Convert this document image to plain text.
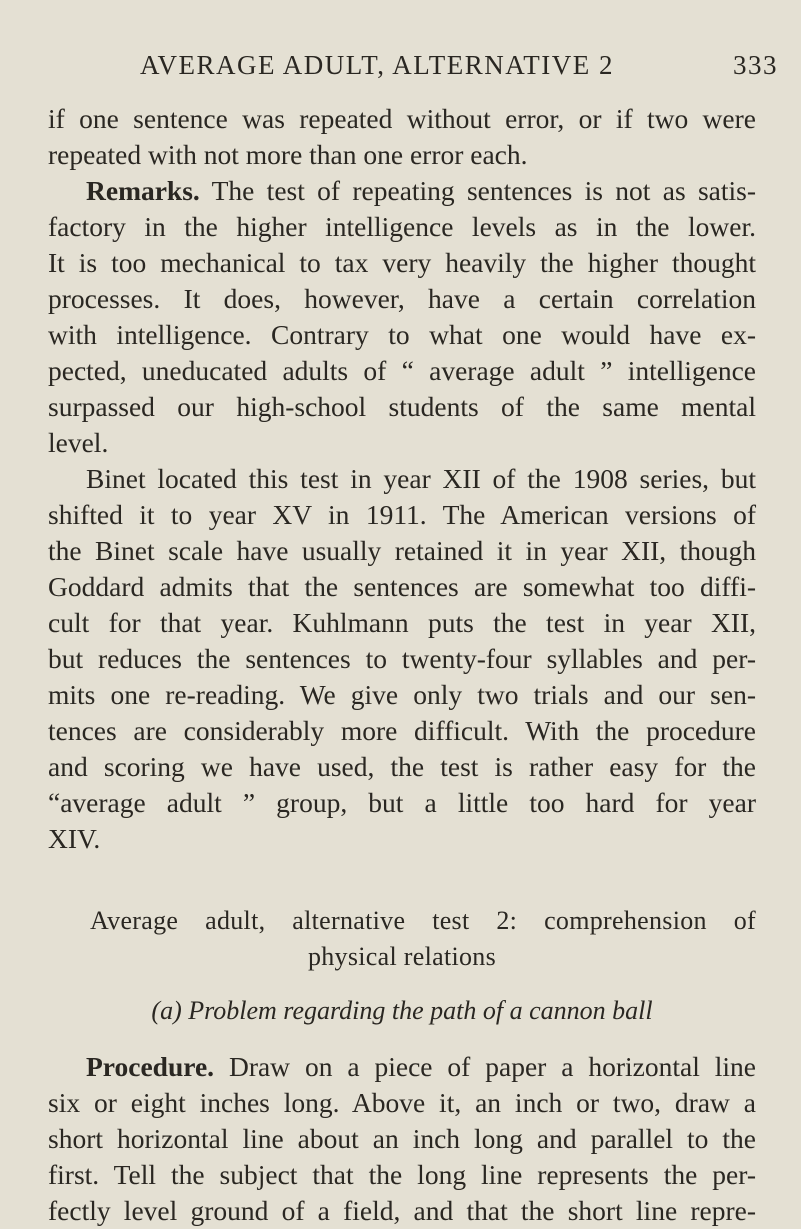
AVERAGE ADULT, ALTERNATIVE 2	333
if one sentence was repeated without error, or if two were
repeated with not more than one error each.
Remarks. The test of repeating sentences is not as satis-
factory in the higher intelligence levels as in the lower.
It is too mechanical to tax very heavily the higher thought
processes. It does, however, have a certain correlation
with intelligence. Contrary to what one would have ex-
pected, uneducated adults of “ average adult ” intelligence
surpassed our high-school students of the same mental
level.
Binet located this test in year XII of the 1908 series, but
shifted it to year XV in 1911. The American versions of
the Binet scale have usually retained it in year XII, though
Goddard admits that the sentences are somewhat too diffi-
cult for that year. Kuhlmann puts the test in year XII,
but reduces the sentences to twenty-four syllables and per-
mits one re-reading. We give only two trials and our sen-
tences are considerably more difficult. With the procedure
and scoring we have used, the test is rather easy for the
“average adult ” group, but a little too hard for year
XIV.
Average adult, alternative test 2: comprehension of
physical relations
(a) Problem regarding the path of a cannon ball
Procedure. Draw on a piece of paper a horizontal line
six or eight inches long. Above it, an inch or two, draw a
short horizontal line about an inch long and parallel to the
first. Tell the subject that the long line represents the per-
fectly level ground of a field, and that the short line repre-
